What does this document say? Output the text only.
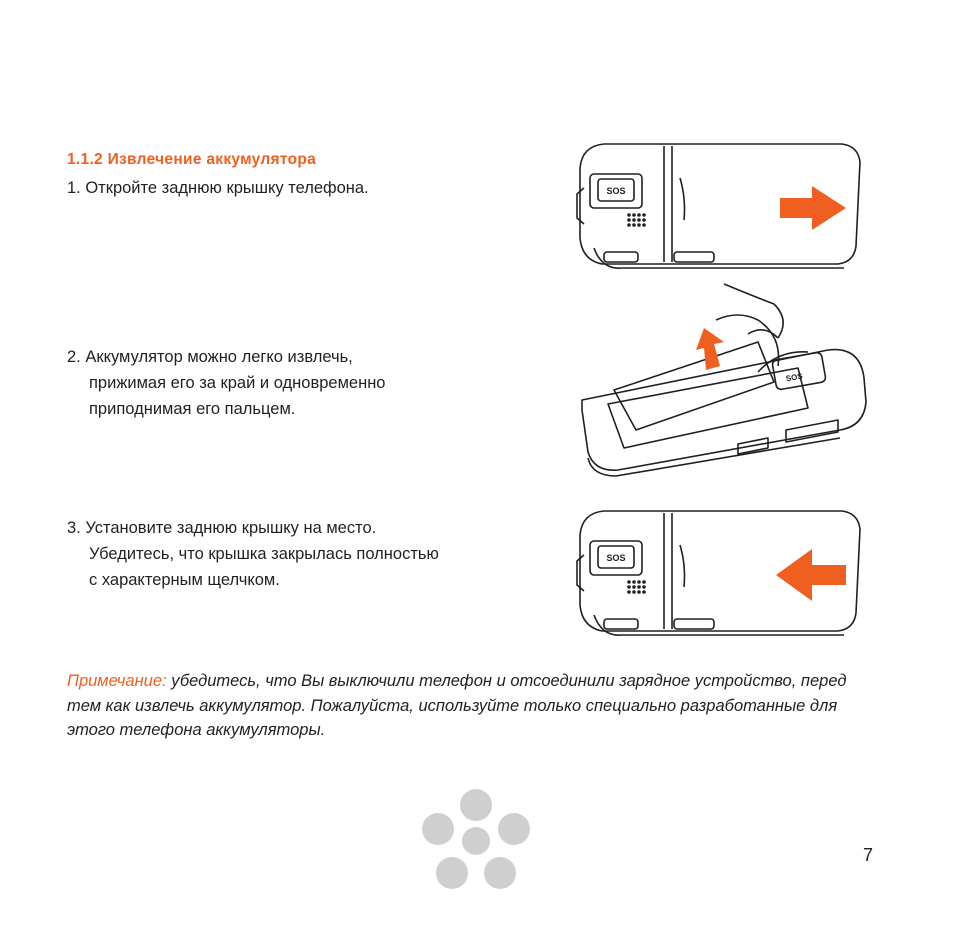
1.1.2 Извлечение аккумулятора
1. Откройте заднюю крышку телефона.
2. Аккумулятор можно легко извлечь,
прижимая его за край и одновременно
приподнимая его пальцем.
3. Установите заднюю крышку на место.
Убедитесь, что крышка закрылась полностью
с характерным щелчком.
SOS
SOS
SOS
Примечание: убедитесь, что Вы выключили телефон и отсоединили зарядное устройство, перед тем как извлечь аккумулятор. Пожалуйста, используйте только специально разработанные для этого телефона аккумуляторы.
7
